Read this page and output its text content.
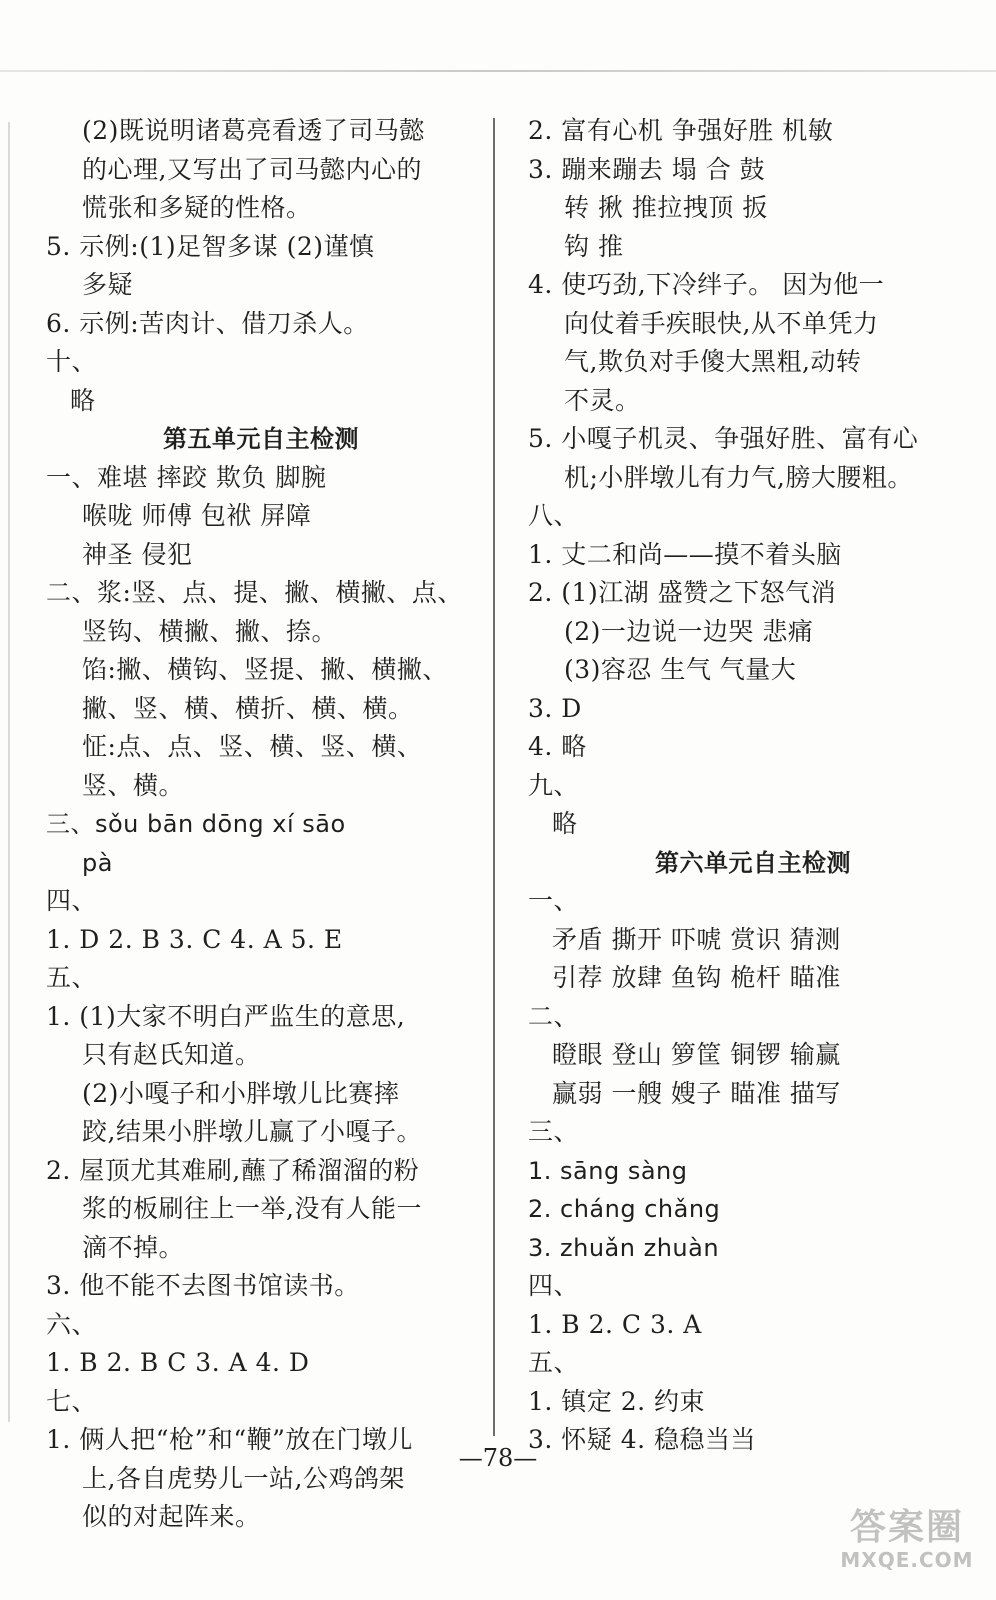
(2)既说明诸葛亮看透了司马懿
的心理,又写出了司马懿内心的
慌张和多疑的性格。
5. 示例:(1)足智多谋 (2)谨慎
多疑
6. 示例:苦肉计、借刀杀人。
十、
略
第五单元自主检测
一、难堪 摔跤 欺负 脚腕
喉咙 师傅 包袱 屏障
神圣 侵犯
二、浆:竖、点、提、撇、横撇、点、
竖钩、横撇、撇、捺。
馅:撇、横钩、竖提、撇、横撇、
撇、竖、横、横折、横、横。
怔:点、点、竖、横、竖、横、
竖、横。
三、sǒu bān dōng xí sāo
pà
四、
1. D 2. B 3. C 4. A 5. E
五、
1. (1)大家不明白严监生的意思,
只有赵氏知道。
(2)小嘎子和小胖墩儿比赛摔
跤,结果小胖墩儿赢了小嘎子。
2. 屋顶尤其难刷,蘸了稀溜溜的粉
浆的板刷往上一举,没有人能一
滴不掉。
3. 他不能不去图书馆读书。
六、
1. B 2. B C 3. A 4. D
七、
1. 俩人把“枪”和“鞭”放在门墩儿
上,各自虎势儿一站,公鸡鸽架
似的对起阵来。
2. 富有心机 争强好胜 机敏
3. 蹦来蹦去 塌 合 鼓
转 揪 推拉拽顶 扳
钩 推
4. 使巧劲,下冷绊子。 因为他一
向仗着手疾眼快,从不单凭力
气,欺负对手傻大黑粗,动转
不灵。
5. 小嘎子机灵、争强好胜、富有心
机;小胖墩儿有力气,膀大腰粗。
八、
1. 丈二和尚——摸不着头脑
2. (1)江湖 盛赞之下怒气消
(2)一边说一边哭 悲痛
(3)容忍 生气 气量大
3. D
4. 略
九、
略
第六单元自主检测
一、
矛盾 撕开 吓唬 赏识 猜测
引荐 放肆 鱼钩 桅杆 瞄准
二、
瞪眼 登山 箩筐 铜锣 输赢
赢弱 一艘 嫂子 瞄准 描写
三、
1. sāng sàng
2. cháng chǎng
3. zhuǎn zhuàn
四、
1. B 2. C 3. A
五、
1. 镇定 2. 约束
3. 怀疑 4. 稳稳当当
—78—
答案圈
MXQE.COM
